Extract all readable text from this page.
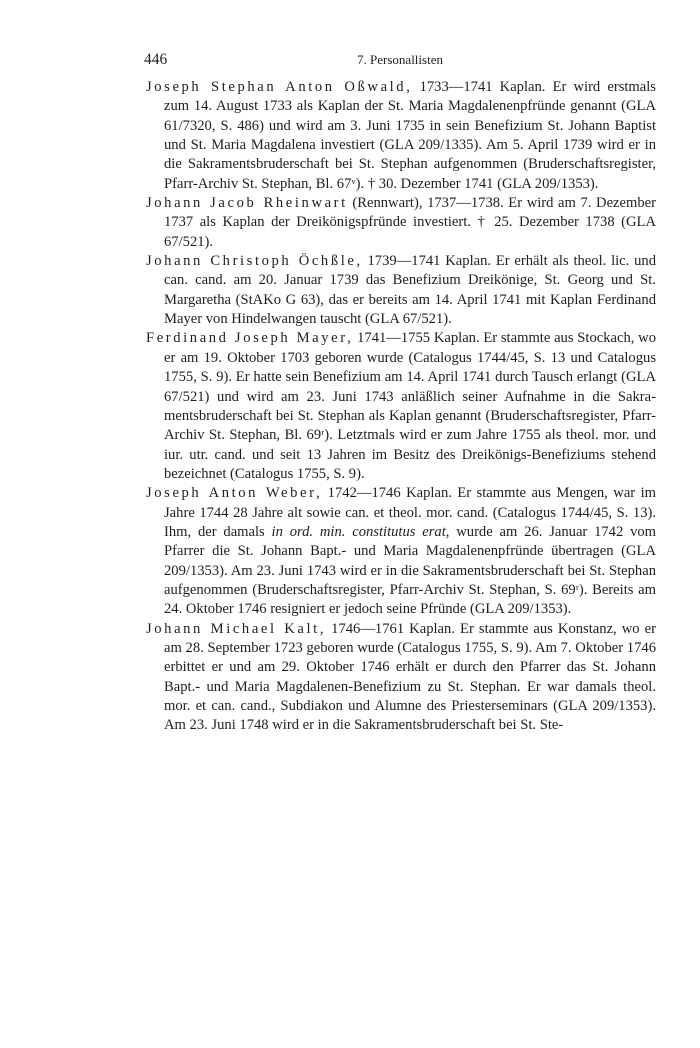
446	7. Personallisten

Joseph Stephan Anton Oßwald, 1733—1741 Kaplan. Er wird erstmals zum 14. August 1733 als Kaplan der St. Maria Magdalenenpfründe genannt (GLA 61/7320, S. 486) und wird am 3. Juni 1735 in sein Benefizium St. Johann Baptist und St. Maria Magdalena investiert (GLA 209/1335). Am 5. April 1739 wird er in die Sakramentsbruderschaft bei St. Stephan aufgenommen (Bruderschaftsregister, Pfarr-Archiv St. Stephan, Bl. 67ᵛ). † 30. Dezember 1741 (GLA 209/1353).

Johann Jacob Rheinwart (Rennwart), 1737—1738. Er wird am 7. Dezember 1737 als Kaplan der Dreikönigspfründe investiert. † 25. Dezember 1738 (GLA 67/521).

Johann Christoph Öchßle, 1739—1741 Kaplan. Er erhält als theol. lic. und can. cand. am 20. Januar 1739 das Benefizium Dreikönige, St. Georg und St. Margaretha (StAKo G 63), das er bereits am 14. April 1741 mit Kaplan Ferdinand Mayer von Hindelwangen tauscht (GLA 67/521).

Ferdinand Joseph Mayer, 1741—1755 Kaplan. Er stammte aus Stockach, wo er am 19. Oktober 1703 geboren wurde (Catalogus 1744/45, S. 13 und Catalogus 1755, S. 9). Er hatte sein Benefizium am 14. April 1741 durch Tausch erlangt (GLA 67/521) und wird am 23. Juni 1743 anläßlich seiner Aufnahme in die Sakramentsbruderschaft bei St. Stephan als Kaplan genannt (Bruderschaftsregister, Pfarr-Archiv St. Stephan, Bl. 69ʳ). Letztmals wird er zum Jahre 1755 als theol. mor. und iur. utr. cand. und seit 13 Jahren im Besitz des Dreikönigs-Benefiziums stehend bezeichnet (Catalogus 1755, S. 9).

Joseph Anton Weber, 1742—1746 Kaplan. Er stammte aus Mengen, war im Jahre 1744 28 Jahre alt sowie can. et theol. mor. cand. (Catalogus 1744/45, S. 13). Ihm, der damals in ord. min. constitutus erat, wurde am 26. Januar 1742 vom Pfarrer die St. Johann Bapt.- und Maria Magdalenenpfründe übertragen (GLA 209/1353). Am 23. Juni 1743 wird er in die Sakramentsbruderschaft bei St. Stephan aufgenommen (Bruderschaftsregister, Pfarr-Archiv St. Stephan, S. 69ʳ). Bereits am 24. Oktober 1746 resigniert er jedoch seine Pfründe (GLA 209/1353).

Johann Michael Kalt, 1746—1761 Kaplan. Er stammte aus Konstanz, wo er am 28. September 1723 geboren wurde (Catalogus 1755, S. 9). Am 7. Oktober 1746 erbittet er und am 29. Oktober 1746 erhält er durch den Pfarrer das St. Johann Bapt.- und Maria Magdalenen-Benefizium zu St. Stephan. Er war damals theol. mor. et can. cand., Subdiakon und Alumne des Priesterseminars (GLA 209/1353). Am 23. Juni 1748 wird er in die Sakramentsbruderschaft bei St. Ste-
